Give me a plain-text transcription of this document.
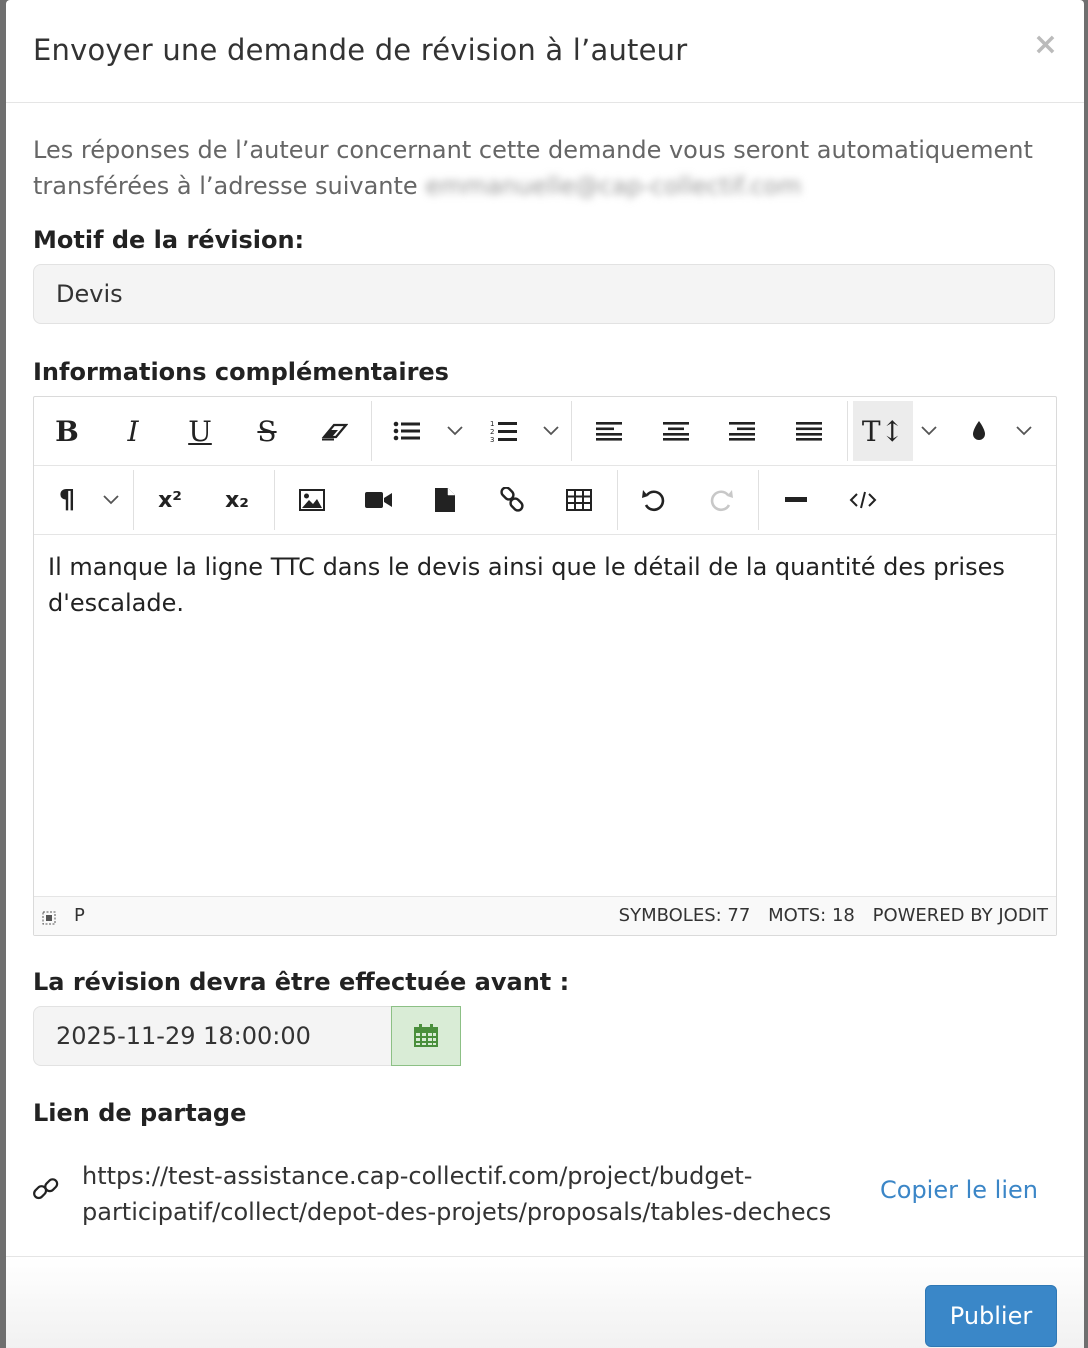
Envoyer une demande de révision à l’auteur	×
Les réponses de l’auteur concernant cette demande vous seront automatiquement transférées à l’adresse suivante emmanuelle@cap-collectif.com
Motif de la révision:
Devis
Informations complémentaires
B	I	U	S	1
2
3	T↕
¶	x²	x₂
Il manque la ligne TTC dans le devis ainsi que le détail de la quantité des prises d'escalade.
P	SYMBOLES: 77 MOTS: 18 POWERED BY JODIT
La révision devra être effectuée avant :
2025-11-29 18:00:00
Lien de partage
https://test-assistance.cap-collectif.com/project/budget-participatif/collect/depot-des-projets/proposals/tables-dechecs
Copier le lien
Publier
